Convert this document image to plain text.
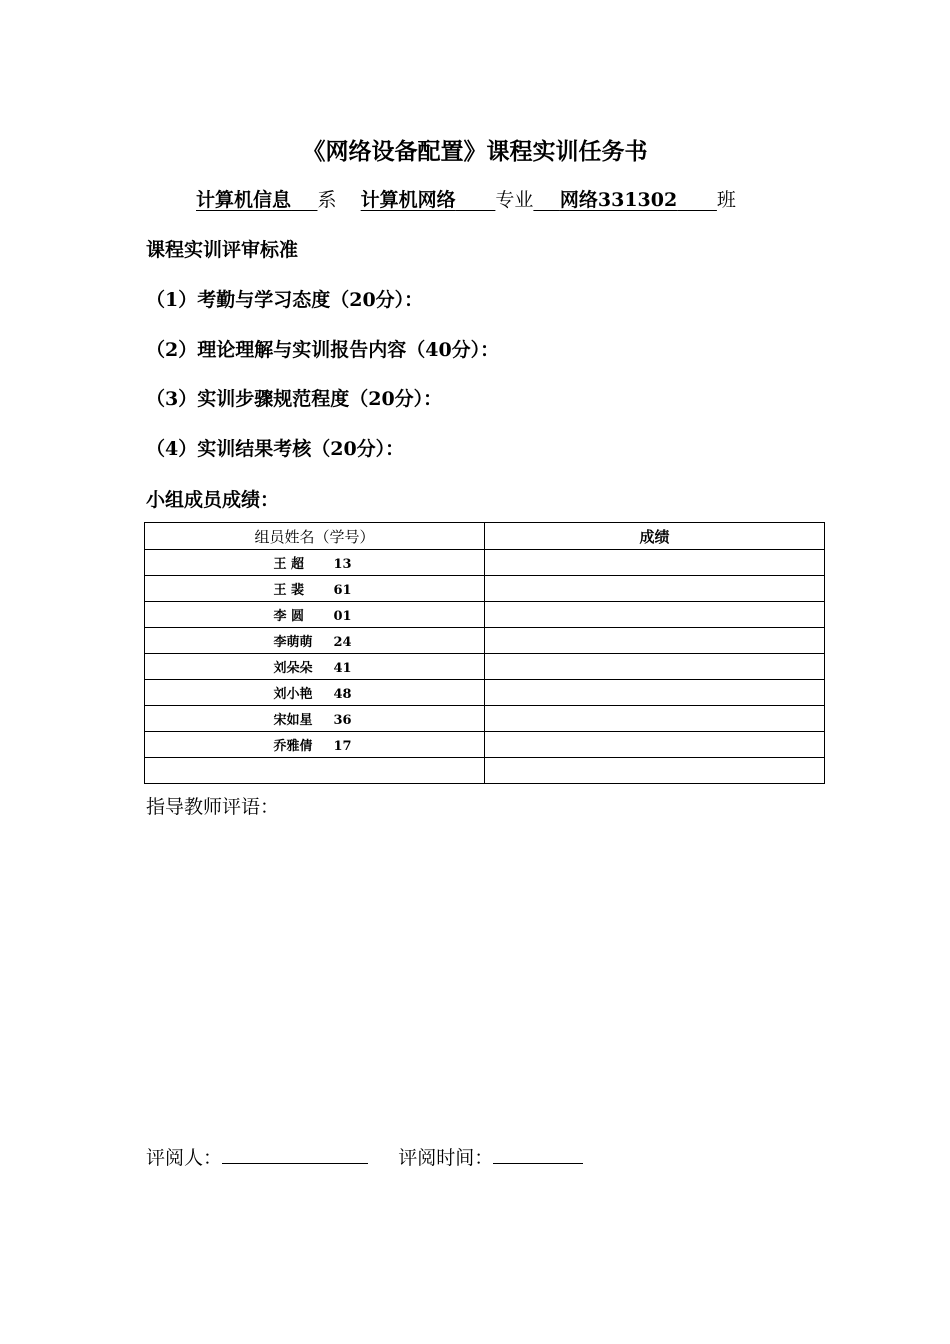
《网络设备配置》课程实训任务书
计算机信息 系 计算机网络 专业 网络331302 班
课程实训评审标准
（1）考勤与学习态度（20分）：
（2）理论理解与实训报告内容（40分）：
（3）实训步骤规范程度（20分）：
（4）实训结果考核（20分）：
小组成员成绩：
组员姓名（学号）	成绩
王 超 13	
王 裴 61	
李 圆 01	
李萌萌 24	
刘朵朵 41	
刘小艳 48	
宋如星 36	
乔雅倩 17	

指导教师评语：
评阅人：	评阅时间：
